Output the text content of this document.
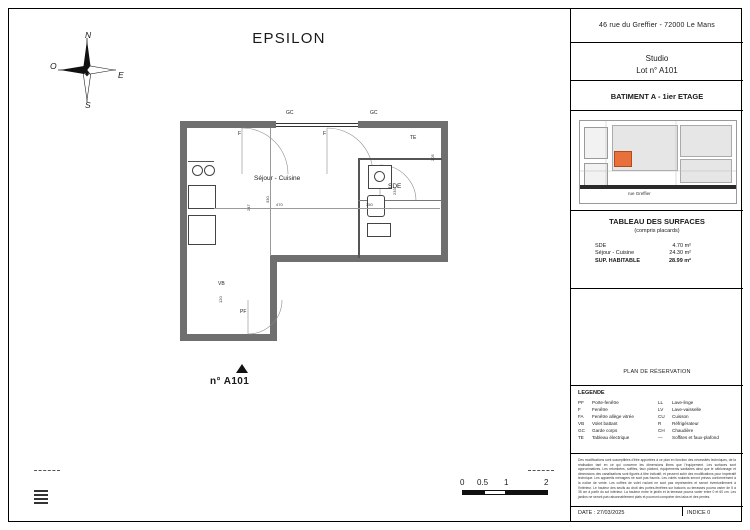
EPSILON
N
S
E
O
GC	GC
F	F
VB
PF
TE
Séjour - Cuisine
SDE
470	350
330
247
233
205
120
n° A101
0 0.5 1	2
46 rue du Greffier - 72000 Le Mans
Studio
Lot n° A101
BATIMENT A - 1ier ETAGE
rue Greffier
TABLEAU DES SURFACES
(compris placards)
SDE	4.70 m²
Séjour - Cuisine	24.30 m²
SUP. HABITABLE	28.99 m²
PLAN DE RÉSERVATION
LEGENDE
PF	Porte-fenêtre
F	Fenêtre
FA	Fenêtre allège vitrée
VB	Volet battant
GC	Garde corps
TE	Tableau électrique
LL	Lave-linge
LV	Lave-vaisselle
CU	Cuisson
R	Réfrigérateur
CH	Chaudière
—	Soffites et faux-plafond
Des modifications sont susceptibles d'être apportées à ce plan en fonction des nécessités techniques, de la réalisation tant en ce qui concerne les dimensions libres que l'équipement. Les surfaces sont approximatives. Les retombées, soffites, faux plafond, équipements sanitaires ainsi que le câblonnage et dimensions des canalisations sont figurés à titre indicatif, et peuvent subir des modifications pour imprératif technique. Les appareils ménagers ne sont pas fournis. Les volets roulants seront prévus conformément à la notice de vente. Les coffres de volet roulant ne sont pas représentés et seront éventuellement à l'intérieur. Le hauteur des seuils au droit des portes-fenêtres sur balcons ou terrasses pourra varier de 5 à 35 cm à partir du sol intérieur. La hauteur entre le jardin et la terrasse pourra varier entre 0 et 60 cm. Les jardins ne seront pas raisonnablement plats et pourront comporter des talus et des pentes.
DATE : 27/03/2025	INDICE 0
